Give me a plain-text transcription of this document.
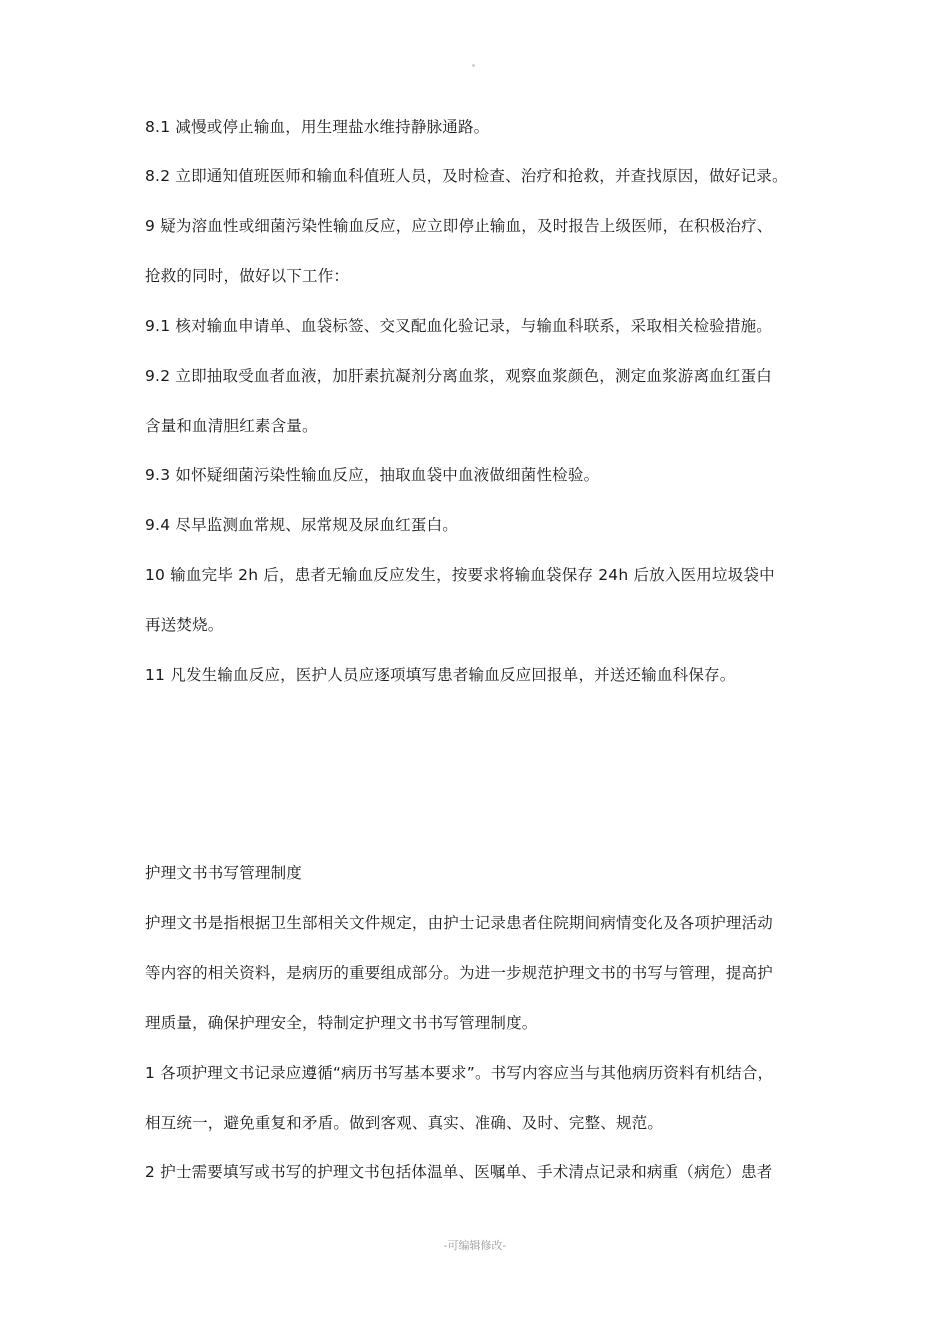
8.1 减慢或停止输血，用生理盐水维持静脉通路。
8.2 立即通知值班医师和输血科值班人员，及时检查、治疗和抢救，并查找原因，做好记录。
9 疑为溶血性或细菌污染性输血反应，应立即停止输血，及时报告上级医师，在积极治疗、
抢救的同时，做好以下工作：
9.1 核对输血申请单、血袋标签、交叉配血化验记录，与输血科联系，采取相关检验措施。
9.2 立即抽取受血者血液，加肝素抗凝剂分离血浆，观察血浆颜色，测定血浆游离血红蛋白
含量和血清胆红素含量。
9.3 如怀疑细菌污染性输血反应，抽取血袋中血液做细菌性检验。
9.4 尽早监测血常规、尿常规及尿血红蛋白。
10 输血完毕 2h 后，患者无输血反应发生，按要求将输血袋保存 24h 后放入医用垃圾袋中
再送焚烧。
11 凡发生输血反应，医护人员应逐项填写患者输血反应回报单，并送还输血科保存。
护理文书书写管理制度
护理文书是指根据卫生部相关文件规定，由护士记录患者住院期间病情变化及各项护理活动
等内容的相关资料，是病历的重要组成部分。为进一步规范护理文书的书写与管理，提高护
理质量，确保护理安全，特制定护理文书书写管理制度。
1 各项护理文书记录应遵循“病历书写基本要求”。书写内容应当与其他病历资料有机结合，
相互统一，避免重复和矛盾。做到客观、真实、准确、及时、完整、规范。
2 护士需要填写或书写的护理文书包括体温单、医嘱单、手术清点记录和病重（病危）患者
-可编辑修改-
